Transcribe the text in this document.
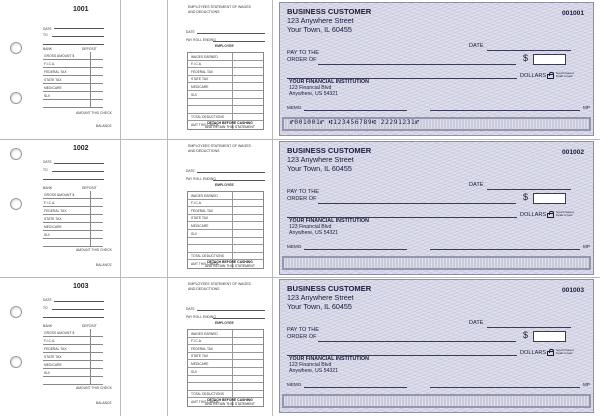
1001
DATE
TO
BANK	DEPOSIT
GROSS AMOUNT $
F.I.C.A.
FEDERAL TAX
STATE TAX
MEDICARE
SUI
AMOUNT THIS CHECK
BALANCE
EMPLOYEES STATEMENT OF WAGES AND DEDUCTIONS
DATE
PAY ROLL ENDING
EMPLOYEE
WAGES EARNED
F.I.C.A.
FEDERAL TAX
STATE TAX
MEDICARE
SUI
TOTAL DEDUCTIONS
AMT THIS CHECK
DETACH BEFORE CASHING
AND RETAIN THIS STATEMENT
BUSINESS CUSTOMER
123 Anywhere Street
Your Town, IL 60455
001001
DATE
PAY TO THE
ORDER OF	$
DOLLARS	Security features. Details on back.
YOUR FINANCIAL INSTITUTION
123 Financial Blvd
Anywhere, US 54321
MEMO	MP
⑈001001⑈ ⑆123456789⑆ 22291231⑈
1002
DATE
TO
BANK	DEPOSIT
GROSS AMOUNT $
F.I.C.A.
FEDERAL TAX
STATE TAX
MEDICARE
SUI
AMOUNT THIS CHECK
BALANCE
EMPLOYEES STATEMENT OF WAGES AND DEDUCTIONS
DATE
PAY ROLL ENDING
EMPLOYEE
WAGES EARNED
F.I.C.A.
FEDERAL TAX
STATE TAX
MEDICARE
SUI
TOTAL DEDUCTIONS
AMT THIS CHECK
DETACH BEFORE CASHING
AND RETAIN THIS STATEMENT
BUSINESS CUSTOMER
123 Anywhere Street
Your Town, IL 60455
001002
DATE
PAY TO THE
ORDER OF	$
DOLLARS	Security features. Details on back.
YOUR FINANCIAL INSTITUTION
123 Financial Blvd
Anywhere, US 54321
MEMO	MP
1003
DATE
TO
BANK	DEPOSIT
GROSS AMOUNT $
F.I.C.A.
FEDERAL TAX
STATE TAX
MEDICARE
SUI
AMOUNT THIS CHECK
BALANCE
EMPLOYEES STATEMENT OF WAGES AND DEDUCTIONS
DATE
PAY ROLL ENDING
EMPLOYEE
WAGES EARNED
F.I.C.A.
FEDERAL TAX
STATE TAX
MEDICARE
SUI
TOTAL DEDUCTIONS
AMT THIS CHECK
DETACH BEFORE CASHING
AND RETAIN THIS STATEMENT
BUSINESS CUSTOMER
123 Anywhere Street
Your Town, IL 60455
001003
DATE
PAY TO THE
ORDER OF	$
DOLLARS	Security features. Details on back.
YOUR FINANCIAL INSTITUTION
123 Financial Blvd
Anywhere, US 54321
MEMO	MP
